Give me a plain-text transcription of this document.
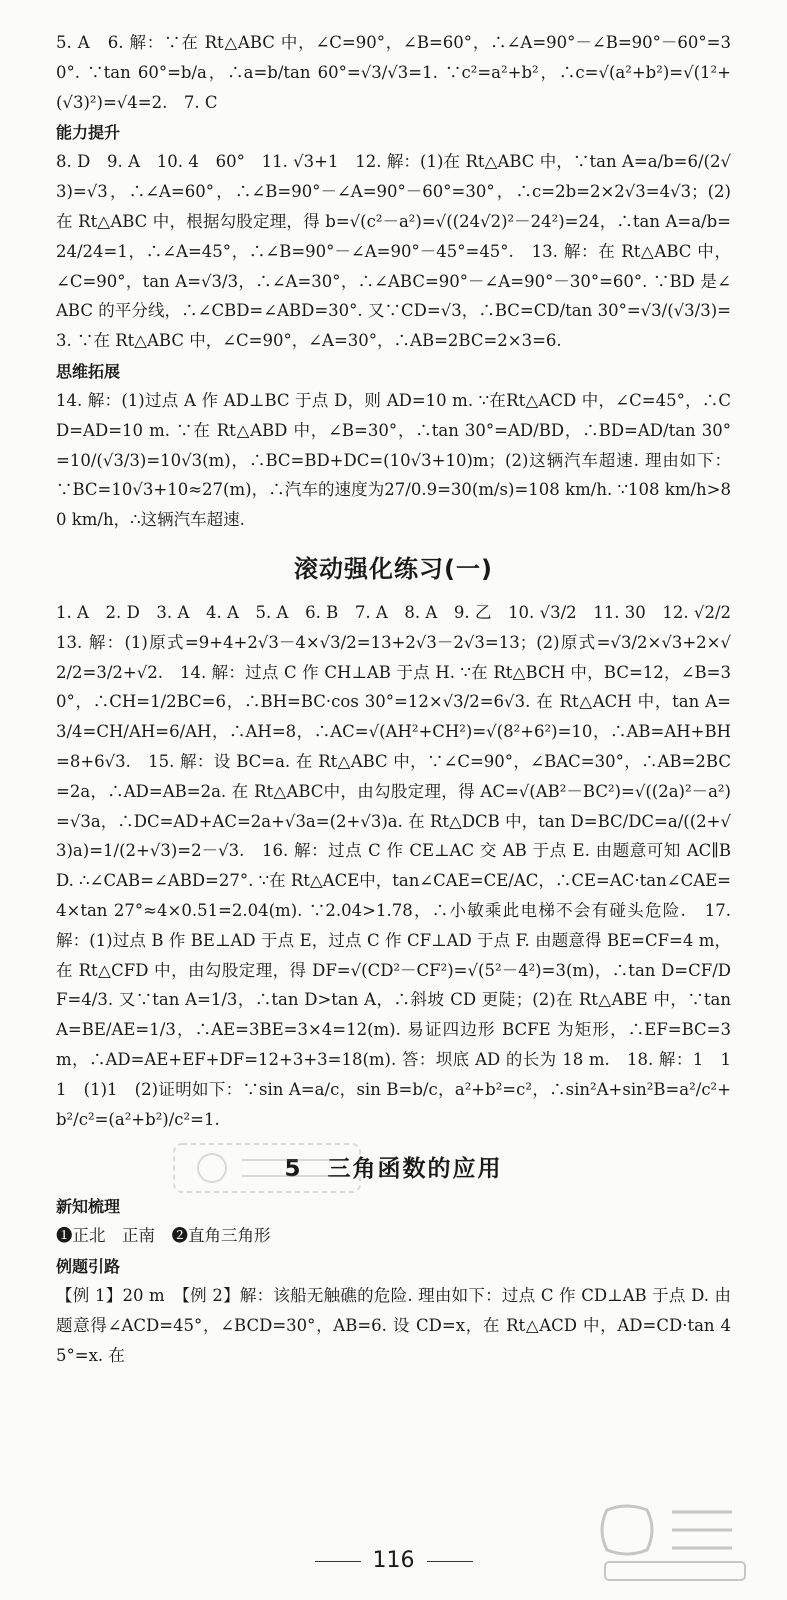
5. A　6. 解：∵在 Rt△ABC 中，∠C=90°，∠B=60°，∴∠A=90°－∠B=90°－60°=30°. ∵tan 60°=b/a，∴a=b/tan 60°=√3/√3=1. ∵c²=a²+b²，∴c=√(a²+b²)=√(1²+(√3)²)=√4=2.　7. C

能力提升

8. D　9. A　10. 4　60°　11. √3+1　12. 解：(1)在 Rt△ABC 中，∵tan A=a/b=6/(2√3)=√3，∴∠A=60°，∴∠B=90°－∠A=90°－60°=30°，∴c=2b=2×2√3=4√3；(2)在 Rt△ABC 中，根据勾股定理，得 b=√(c²－a²)=√((24√2)²－24²)=24，∴tan A=a/b=24/24=1，∴∠A=45°，∴∠B=90°－∠A=90°－45°=45°.　13. 解：在 Rt△ABC 中，∠C=90°，tan A=√3/3，∴∠A=30°，∴∠ABC=90°－∠A=90°－30°=60°. ∵BD 是∠ABC 的平分线，∴∠CBD=∠ABD=30°. 又∵CD=√3，∴BC=CD/tan 30°=√3/(√3/3)=3. ∵在 Rt△ABC 中，∠C=90°，∠A=30°，∴AB=2BC=2×3=6.

思维拓展

14. 解：(1)过点 A 作 AD⊥BC 于点 D，则 AD=10 m. ∵在Rt△ACD 中，∠C=45°，∴CD=AD=10 m. ∵在 Rt△ABD 中，∠B=30°，∴tan 30°=AD/BD，∴BD=AD/tan 30°=10/(√3/3)=10√3(m)，∴BC=BD+DC=(10√3+10)m；(2)这辆汽车超速. 理由如下：∵BC=10√3+10≈27(m)，∴汽车的速度为27/0.9=30(m/s)=108 km/h. ∵108 km/h>80 km/h，∴这辆汽车超速.

滚动强化练习(一)

1. A　2. D　3. A　4. A　5. A　6. B　7. A　8. A　9. 乙　10. √3/2　11. 30　12. √2/2　13. 解：(1)原式=9+4+2√3－4×√3/2=13+2√3－2√3=13；(2)原式=√3/2×√3+2×√2/2=3/2+√2.　14. 解：过点 C 作 CH⊥AB 于点 H. ∵在 Rt△BCH 中，BC=12，∠B=30°，∴CH=1/2BC=6，∴BH=BC·cos 30°=12×√3/2=6√3. 在 Rt△ACH 中，tan A=3/4=CH/AH=6/AH，∴AH=8，∴AC=√(AH²+CH²)=√(8²+6²)=10，∴AB=AH+BH=8+6√3.　15. 解：设 BC=a. 在 Rt△ABC 中，∵∠C=90°，∠BAC=30°，∴AB=2BC=2a，∴AD=AB=2a. 在 Rt△ABC中，由勾股定理，得 AC=√(AB²－BC²)=√((2a)²－a²)=√3a，∴DC=AD+AC=2a+√3a=(2+√3)a. 在 Rt△DCB 中，tan D=BC/DC=a/((2+√3)a)=1/(2+√3)=2－√3.　16. 解：过点 C 作 CE⊥AC 交 AB 于点 E. 由题意可知 AC∥BD. ∴∠CAB=∠ABD=27°. ∵在 Rt△ACE中，tan∠CAE=CE/AC，∴CE=AC·tan∠CAE=4×tan 27°≈4×0.51=2.04(m). ∵2.04>1.78，∴小敏乘此电梯不会有碰头危险.　17. 解：(1)过点 B 作 BE⊥AD 于点 E，过点 C 作 CF⊥AD 于点 F. 由题意得 BE=CF=4 m，在 Rt△CFD 中，由勾股定理，得 DF=√(CD²－CF²)=√(5²－4²)=3(m)，∴tan D=CF/DF=4/3. 又∵tan A=1/3，∴tan D>tan A，∴斜坡 CD 更陡；(2)在 Rt△ABE 中，∵tan A=BE/AE=1/3，∴AE=3BE=3×4=12(m). 易证四边形 BCFE 为矩形，∴EF=BC=3 m，∴AD=AE+EF+DF=12+3+3=18(m). 答：坝底 AD 的长为 18 m.　18. 解：1　1　1　(1)1　(2)证明如下：∵sin A=a/c，sin B=b/c，a²+b²=c²，∴sin²A+sin²B=a²/c²+b²/c²=(a²+b²)/c²=1.

5　三角函数的应用
新知梳理

❶正北　正南　❷直角三角形

例题引路

【例 1】20 m　【例 2】解：该船无触礁的危险. 理由如下：过点 C 作 CD⊥AB 于点 D. 由题意得∠ACD=45°，∠BCD=30°，AB=6. 设 CD=x，在 Rt△ACD 中，AD=CD·tan 45°=x. 在

116
